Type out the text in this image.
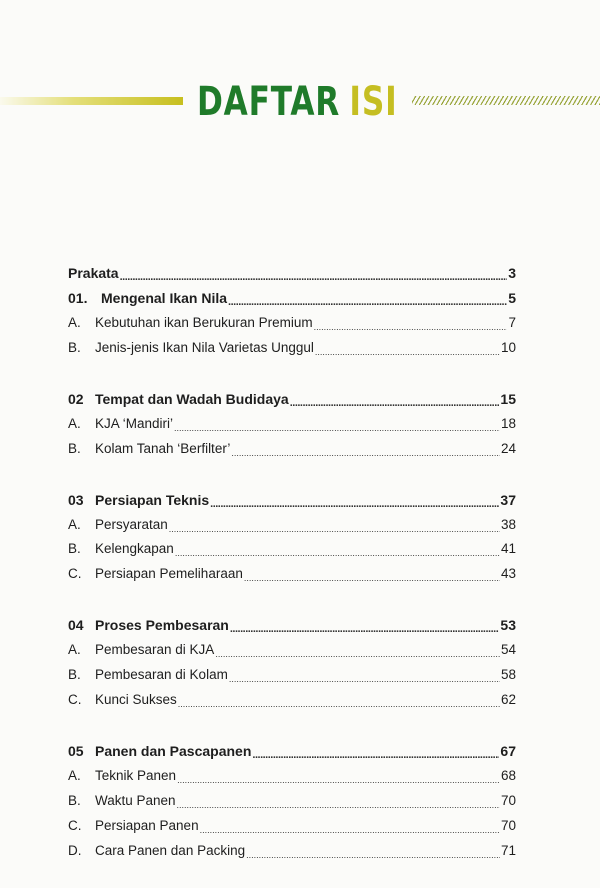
DAFTAR ISI
Prakata .....	3
01. Mengenal Ikan Nila .....	5
A.	Kebutuhan ikan Berukuran Premium .....	7
B.	Jenis-jenis Ikan Nila Varietas Unggul .....	10
02 Tempat dan Wadah Budidaya .....	15
A.	KJA ‘Mandiri’ .....	18
B.	Kolam Tanah ‘Berfilter’ .....	24
03 Persiapan Teknis .....	37
A.	Persyaratan .....	38
B.	Kelengkapan .....	41
C.	Persiapan Pemeliharaan .....	43
04 Proses Pembesaran .....	53
A.	Pembesaran di KJA .....	54
B.	Pembesaran di Kolam .....	58
C.	Kunci Sukses .....	62
05 Panen dan Pascapanen .....	67
A.	Teknik Panen .....	68
B.	Waktu Panen .....	70
C.	Persiapan Panen .....	70
D.	Cara Panen dan Packing .....	71
